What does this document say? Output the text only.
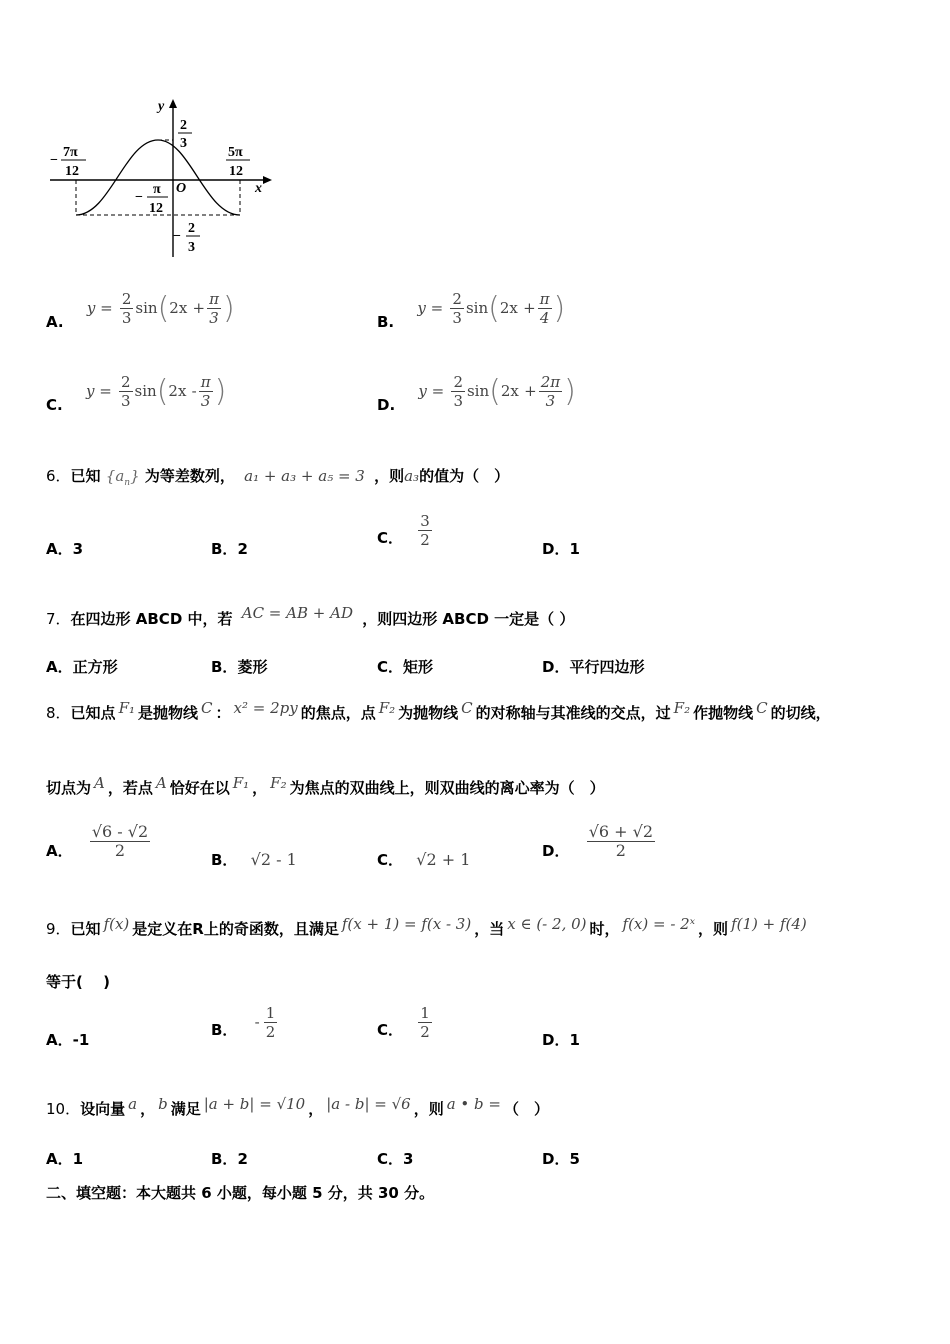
y
x
O
2
3
−
2
3
−
7π
12
5π
12
−
π
12
A. $y = \frac{2}{3} \sin(2x + \frac{\pi}{3}$ )	B. $y = \frac{2}{3} \sin(2x + \frac{\pi}{4}$ )
C. $y = \frac{2}{3} \sin(2x - \frac{\pi}{3}$ )	D. $y = \frac{2}{3} \sin(2x + \frac{2\pi}{3}$ )
6．已知 $\{a_n\}$ 为等差数列， a₁ + a₃ + a₅ = 3 ，则a₃的值为（　）
A．3	B．2
C． $\frac{3}{2}$	D．1
7．在四边形 ABCD 中，若 AC = AB + AD ，则四边形 ABCD 一定是（ ）
A．正方形	B．菱形	C．矩形	D．平行四边形
8．已知点 F₁ 是抛物线 C ： x² = 2py 的焦点，点 F₂ 为抛物线 C 的对称轴与其准线的交点，过 F₂ 作抛物线 C 的切线，
切点为 A ，若点 A 恰好在以 F₁ ， F₂ 为焦点的双曲线上，则双曲线的离心率为（　）
A． $\frac{√6 - √2}{2}$	B． √2 - 1	C． √2 + 1	D． $\frac{√6 + √2}{2}$
9．已知 f(x) 是定义在R上的奇函数，且满足 f(x + 1) = f(x - 3) ，当 x ∈ (- 2, 0) 时， f(x) = - 2ˣ ，则 f(1) + f(4)
等于(　 )
A．-1
B． - $\frac{1}{2}$	C． $\frac{1}{2}$	D．1
10．设向量 a ， b 满足 |a + b| = √10 ， |a - b| = √6 ，则 a • b = （　）
A．1	B．2	C．3	D．5
二、填空题：本大题共 6 小题，每小题 5 分，共 30 分。
